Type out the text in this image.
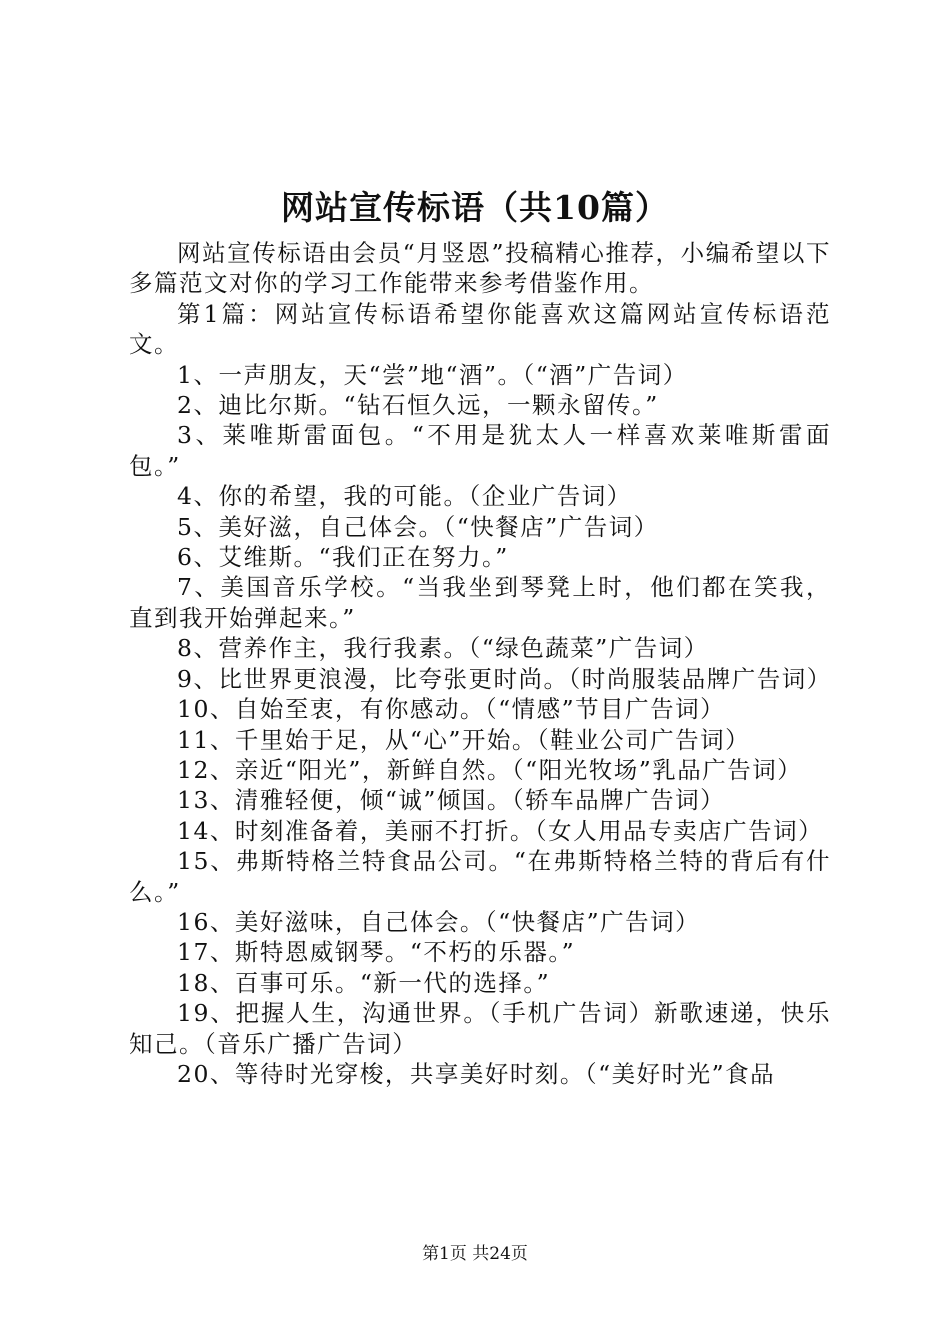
网站宣传标语（共10篇）

网站宣传标语由会员“月竖恩”投稿精心推荐，小编希望以下多篇范文对你的学习工作能带来参考借鉴作用。

第1篇：网站宣传标语希望你能喜欢这篇网站宣传标语范文。

1、一声朋友，天“尝”地“酒”。（“酒”广告词）

2、迪比尔斯。“钻石恒久远，一颗永留传。”

3、莱唯斯雷面包。“不用是犹太人一样喜欢莱唯斯雷面包。”

4、你的希望，我的可能。（企业广告词）

5、美好滋，自己体会。（“快餐店”广告词）

6、艾维斯。“我们正在努力。”

7、美国音乐学校。“当我坐到琴凳上时，他们都在笑我，直到我开始弹起来。”

8、营养作主，我行我素。（“绿色蔬菜”广告词）

9、比世界更浪漫，比夸张更时尚。（时尚服装品牌广告词）

10、自始至衷，有你感动。（“情感”节目广告词）

11、千里始于足，从“心”开始。（鞋业公司广告词）

12、亲近“阳光”，新鲜自然。（“阳光牧场”乳品广告词）

13、清雅轻便，倾“诚”倾国。（轿车品牌广告词）

14、时刻准备着，美丽不打折。（女人用品专卖店广告词）

15、弗斯特格兰特食品公司。“在弗斯特格兰特的背后有什么。”

16、美好滋味，自己体会。（“快餐店”广告词）

17、斯特恩威钢琴。“不朽的乐器。”

18、百事可乐。“新一代的选择。”

19、把握人生，沟通世界。（手机广告词）新歌速递，快乐知己。（音乐广播广告词）

20、等待时光穿梭，共享美好时刻。（“美好时光”食品

第1页 共24页
